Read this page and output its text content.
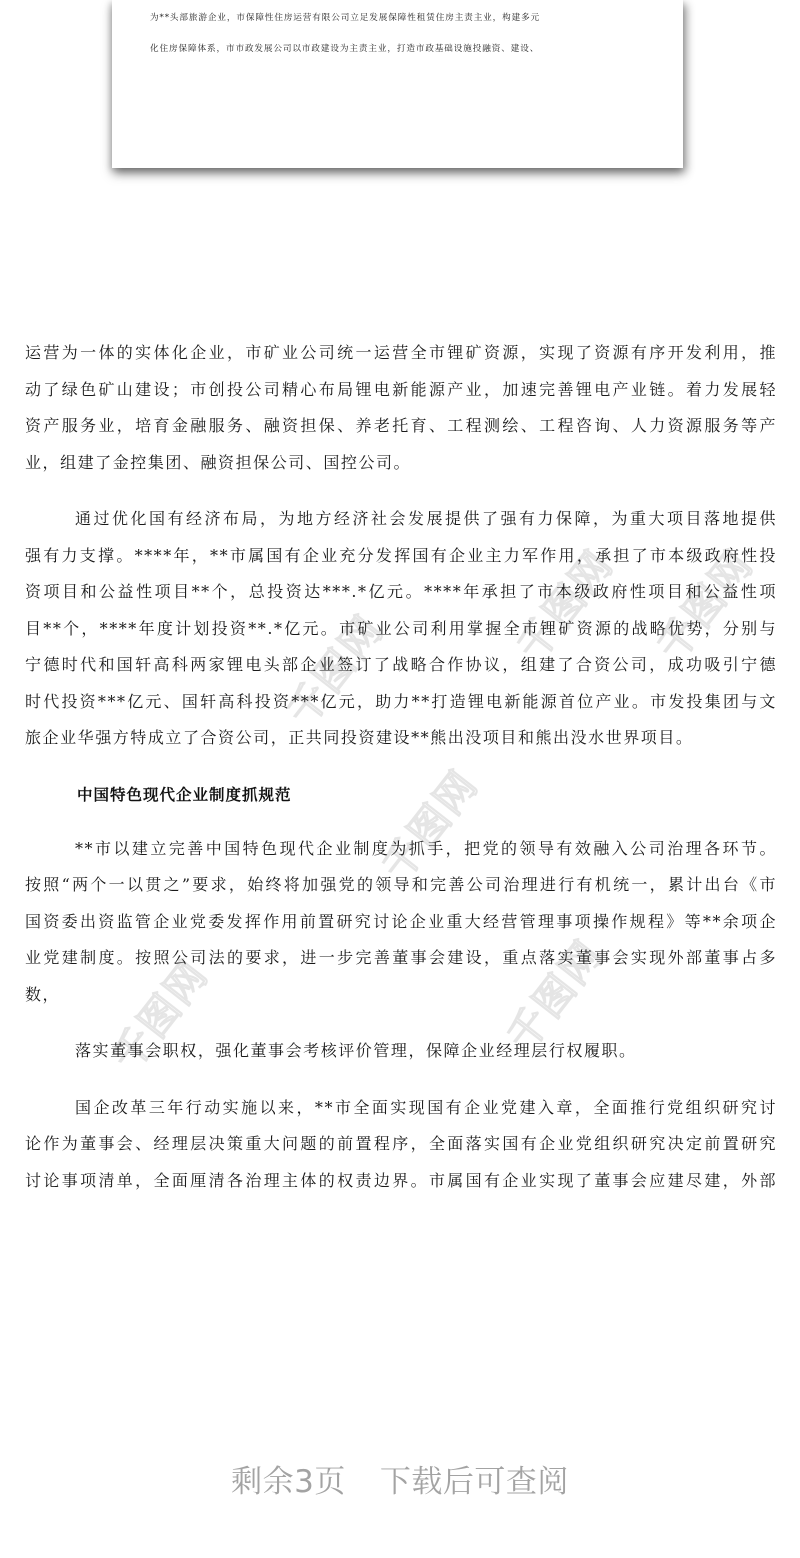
为**头部旅游企业，市保障性住房运营有限公司立足发展保障性租赁住房主责主业，构建多元
化住房保障体系，市市政发展公司以市政建设为主责主业，打造市政基础设施投融资、建设、
千图网 千图网
千图网
千图网
千图网	千图网

运营为一体的实体化企业，市矿业公司统一运营全市锂矿资源，实现了资源有序开发利用，推

动了绿色矿山建设；市创投公司精心布局锂电新能源产业，加速完善锂电产业链。着力发展轻

资产服务业，培育金融服务、融资担保、养老托育、工程测绘、工程咨询、人力资源服务等产

业，组建了金控集团、融资担保公司、国控公司。

通过优化国有经济布局，为地方经济社会发展提供了强有力保障，为重大项目落地提供

强有力支撑。****年，**市属国有企业充分发挥国有企业主力军作用，承担了市本级政府性投

资项目和公益性项目**个，总投资达***.*亿元。****年承担了市本级政府性项目和公益性项

目**个，****年度计划投资**.*亿元。市矿业公司利用掌握全市锂矿资源的战略优势，分别与

宁德时代和国轩高科两家锂电头部企业签订了战略合作协议，组建了合资公司，成功吸引宁德

时代投资***亿元、国轩高科投资***亿元，助力**打造锂电新能源首位产业。市发投集团与文

旅企业华强方特成立了合资公司，正共同投资建设**熊出没项目和熊出没水世界项目。

中国特色现代企业制度抓规范

**市以建立完善中国特色现代企业制度为抓手，把党的领导有效融入公司治理各环节。

按照“两个一以贯之”要求，始终将加强党的领导和完善公司治理进行有机统一，累计出台《市

国资委出资监管企业党委发挥作用前置研究讨论企业重大经营管理事项操作规程》等**余项企

业党建制度。按照公司法的要求，进一步完善董事会建设，重点落实董事会实现外部董事占多

数，

落实董事会职权，强化董事会考核评价管理，保障企业经理层行权履职。

国企改革三年行动实施以来，**市全面实现国有企业党建入章，全面推行党组织研究讨

论作为董事会、经理层决策重大问题的前置程序，全面落实国有企业党组织研究决定前置研究

讨论事项清单，全面厘清各治理主体的权责边界。市属国有企业实现了董事会应建尽建，外部

剩余3页 下载后可查阅
